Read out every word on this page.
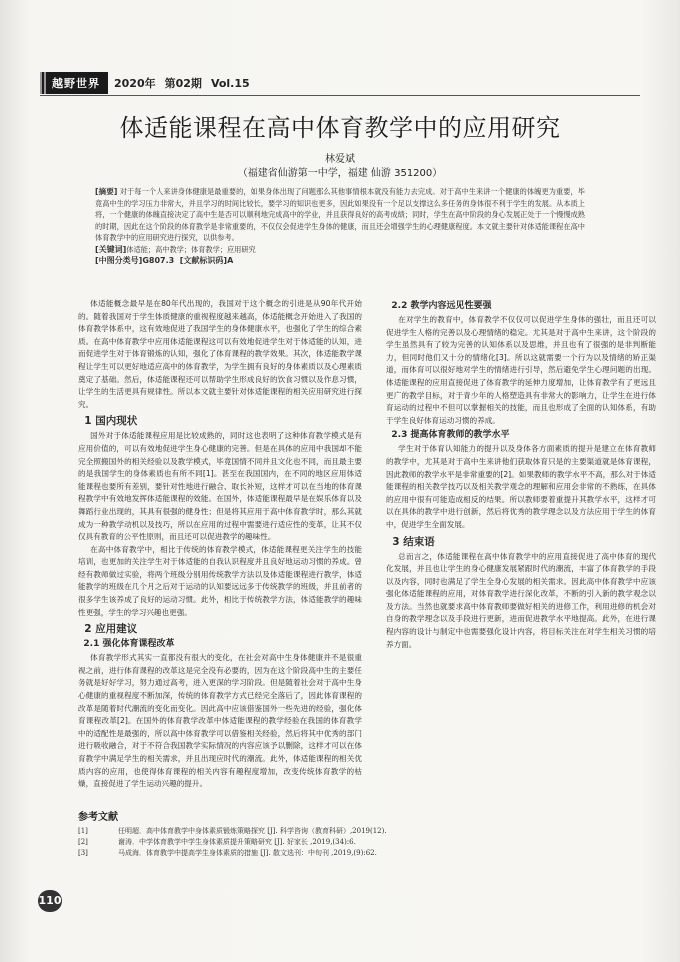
越野世界	2020年 第02期 Vol.15
体适能课程在高中体育教学中的应用研究
林爱斌
（福建省仙游第一中学，福建 仙游 351200）
[摘要] 对于每一个人来讲身体健康是最重要的，如果身体出现了问题那么其他事情根本就没有能力去完成。对于高中生来讲一个健康的体魄更为重要，毕竟高中生的学习压力非常大，并且学习的时间比较长，要学习的知识也更多，因此如果没有一个足以支撑这么多任务的身体很不利于学生的发展。从本质上将，一个健康的体魄直接决定了高中生是否可以顺利地完成高中的学业，并且获得良好的高考成绩；同时，学生在高中阶段的身心发展正处于一个慢慢成熟的时期，因此在这个阶段的体育教学是非常重要的，不仅仅会促进学生身体的健康，而且还会增强学生的心理健康程度。本文就主要针对体适能课程在高中体育教学中的应用研究进行探究，以供参考。
[关键词]体适能；高中教学；体育教学；应用研究
[中图分类号]G807.3 [文献标识码]A

体适能概念最早是在80年代出现的，我国对于这个概念的引进是从90年代开始的。随着我国对于学生体质健康的重视程度越来越高，体适能概念开始进入了我国的体育教学体系中，这有效地促进了我国学生的身体健康水平，也强化了学生的综合素质。在高中体育教学中应用体适能课程这可以有效地促进学生对于体适能的认知，进而促进学生对于体育锻炼的认知，强化了体育课程的教学效果。其次，体适能教学课程让学生可以更好地适应高中的体育教学，为学生拥有良好的身体素质以及心理素质奠定了基础。然后，体适能课程还可以帮助学生形成良好的饮食习惯以及作息习惯，让学生的生活更具有规律性。所以本文就主要针对体适能课程的相关应用研究进行探究。

1 国内现状

国外对于体适能课程应用是比较成熟的，同时这也表明了这种体育教学模式是有应用价值的，可以有效地促进学生身心健康的完善。但是在具体的应用中我国却不能完全照搬国外的相关经验以及教学模式，毕竟国情不同并且文化也不同，而且最主要的是我国学生的身体素质也有所不同[1]。甚至在我国国内，在不同的地区应用体适能课程也要所有差别，要针对性地进行融合、取长补短，这样才可以在当地的体育课程教学中有效地发挥体适能课程的效能。在国外，体适能课程最早是在娱乐体育以及舞蹈行业出现的，其具有很强的健身性；但是将其应用于高中体育教学时，那么其就成为一种教学动机以及技巧，所以在应用的过程中需要进行适应性的变革，让其不仅仅具有教育的公平性原则，而且还可以促进教学的趣味性。

在高中体育教学中，相比于传统的体育教学模式，体适能课程更关注学生的技能培训，也更加的关注学生对于体适能的自我认识程度并且良好地运动习惯的养成。曾经有教师做过实验，将两个班级分别用传统教学方法以及体适能课程进行教学，体适能教学的班级在几个月之后对于运动的认知要远远多于传统教学的班级，并且前者的很多学生该养成了良好的运动习惯。此外，相比于传统教学方法，体适能教学的趣味性更强，学生的学习兴趣也更强。

2 应用建议
2.1 强化体育课程改革

体育教学形式其实一直都没有很大的变化，在社会对高中生身体健康并不是很重视之前，进行体育课程的改革这是完全没有必要的，因为在这个阶段高中生的主要任务就是好好学习，努力通过高考，进入更深的学习阶段。但是随着社会对于高中生身心健康的重视程度不断加深，传统的体育教学方式已经完全落后了，因此体育课程的改革是随着时代潮流的变化而变化。因此高中应该借鉴国外一些先进的经验，强化体育课程改革[2]。在国外的体育教学改革中体适能课程的教学经验在我国的体育教学中的适配性是最强的，所以高中体育教学可以借鉴相关经验，然后将其中优秀的部门进行吸收融合，对于不符合我国教学实际情况的内容应该予以删除，这样才可以在体育教学中满足学生的相关需求，并且出现应时代的潮流。此外，体适能课程的相关优质内容的应用，也使得体育课程的相关内容有趣程度增加，改变传统体育教学的枯燥，直接促进了学生运动兴趣的提升。

2.2 教学内容远见性要强

在对学生的教育中，体育教学不仅仅可以促进学生身体的强壮，而且还可以促进学生人格的完善以及心理情绪的稳定。尤其是对于高中生来讲，这个阶段的学生虽然具有了较为完善的认知体系以及思维，并且也有了很强的是非判断能力，但同时他们又十分的情绪化[3]。所以这就需要一个行为以及情绪的矫正渠道，而体育可以很好地对学生的情绪进行引导，然后避免学生心理问题的出现。体适能课程的应用直接促进了体育教学的延伸力度增加，让体育教学有了更远且更广的教学目标，对于青少年的人格塑造具有非常大的影响力，让学生在进行体育运动的过程中不但可以掌握相关的技能，而且也形成了全面的认知体系，有助于学生良好体育运动习惯的养成。

2.3 提高体育教师的教学水平

学生对于体育认知能力的提升以及身体各方面素质的提升是建立在体育教师的教学中，尤其是对于高中生来讲他们获取体育只是的主要渠道就是体育课程，因此教师的教学水平是非常重要的[2]。如果教师的教学水平不高，那么对于体适能课程的相关教学技巧以及相关教学观念的理解和应用会非常的不熟练，在具体的应用中很有可能造成相反的结果。所以教师要着重提升其教学水平，这样才可以在具体的教学中进行创新，然后将优秀的教学理念以及方法应用于学生的体育中，促进学生全面发展。

3 结束语

总而言之，体适能课程在高中体育教学中的应用直接促进了高中体育的现代化发展，并且也让学生的身心健康发展紧跟时代的潮流，丰富了体育教学的手段以及内容，同时也满足了学生全身心发展的相关需求。因此高中体育教学中应该强化体适能课程的应用，对体育教学进行深化改革，不断的引入新的教学观念以及方法。当然也就要求高中体育教师要做好相关的进修工作，利用进修的机会对自身的教学理念以及手段进行更新，进而促进教学水平地提高。此外，在进行课程内容的设计与制定中也需要强化设计内容，将目标关注在对学生相关习惯的培养方面。

参考文献
[1]	任明超．高中体育教学中身体素质锻炼策略探究 [J]. 科学咨询（教育科研）,2019(12).
[2]	谢涛．中学体育教学中学生身体素质提升策略研究 [J]. 好家长 ,2019,(34):6.
[3]	马成海．体育教学中提高学生身体素质的措施 [J]. 散文选刊：中旬刊 ,2019,(9):62.
110
